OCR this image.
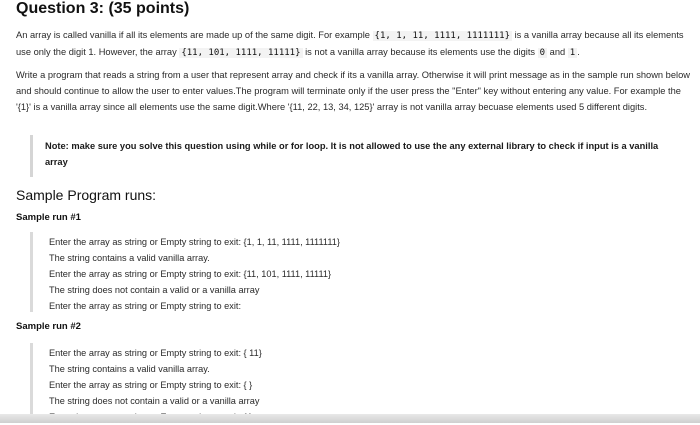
Question 3: (35 points)

An array is called vanilla if all its elements are made up of the same digit. For example {1, 1, 11, 1111, 1111111} is a vanilla array because all its elements use only the digit 1. However, the array {11, 101, 1111, 11111} is not a vanilla array because its elements use the digits 0 and 1 .

Write a program that reads a string from a user that represent array and check if its a vanilla array. Otherwise it will print message as in the sample run shown below and should continue to allow the user to enter values.The program will terminate only if the user press the "Enter" key without entering any value. For example the '{1}' is a vanilla array since all elements use the same digit.Where '{11, 22, 13, 34, 125}' array is not vanilla array becuase elements used 5 different digits.

Note: make sure you solve this question using while or for loop. It is not allowed to use the any external library to check if input is a vanilla array

Sample Program runs:
Sample run #1
Enter the array as string or Empty string to exit: {1, 1, 11, 1111, 1111111}
The string contains a valid vanilla array.
Enter the array as string or Empty string to exit: {11, 101, 1111, 11111}
The string does not contain a valid or a vanilla array
Enter the array as string or Empty string to exit:
Sample run #2
Enter the array as string or Empty string to exit: { 11}
The string contains a valid vanilla array.
Enter the array as string or Empty string to exit: { }
The string does not contain a valid or a vanilla array
